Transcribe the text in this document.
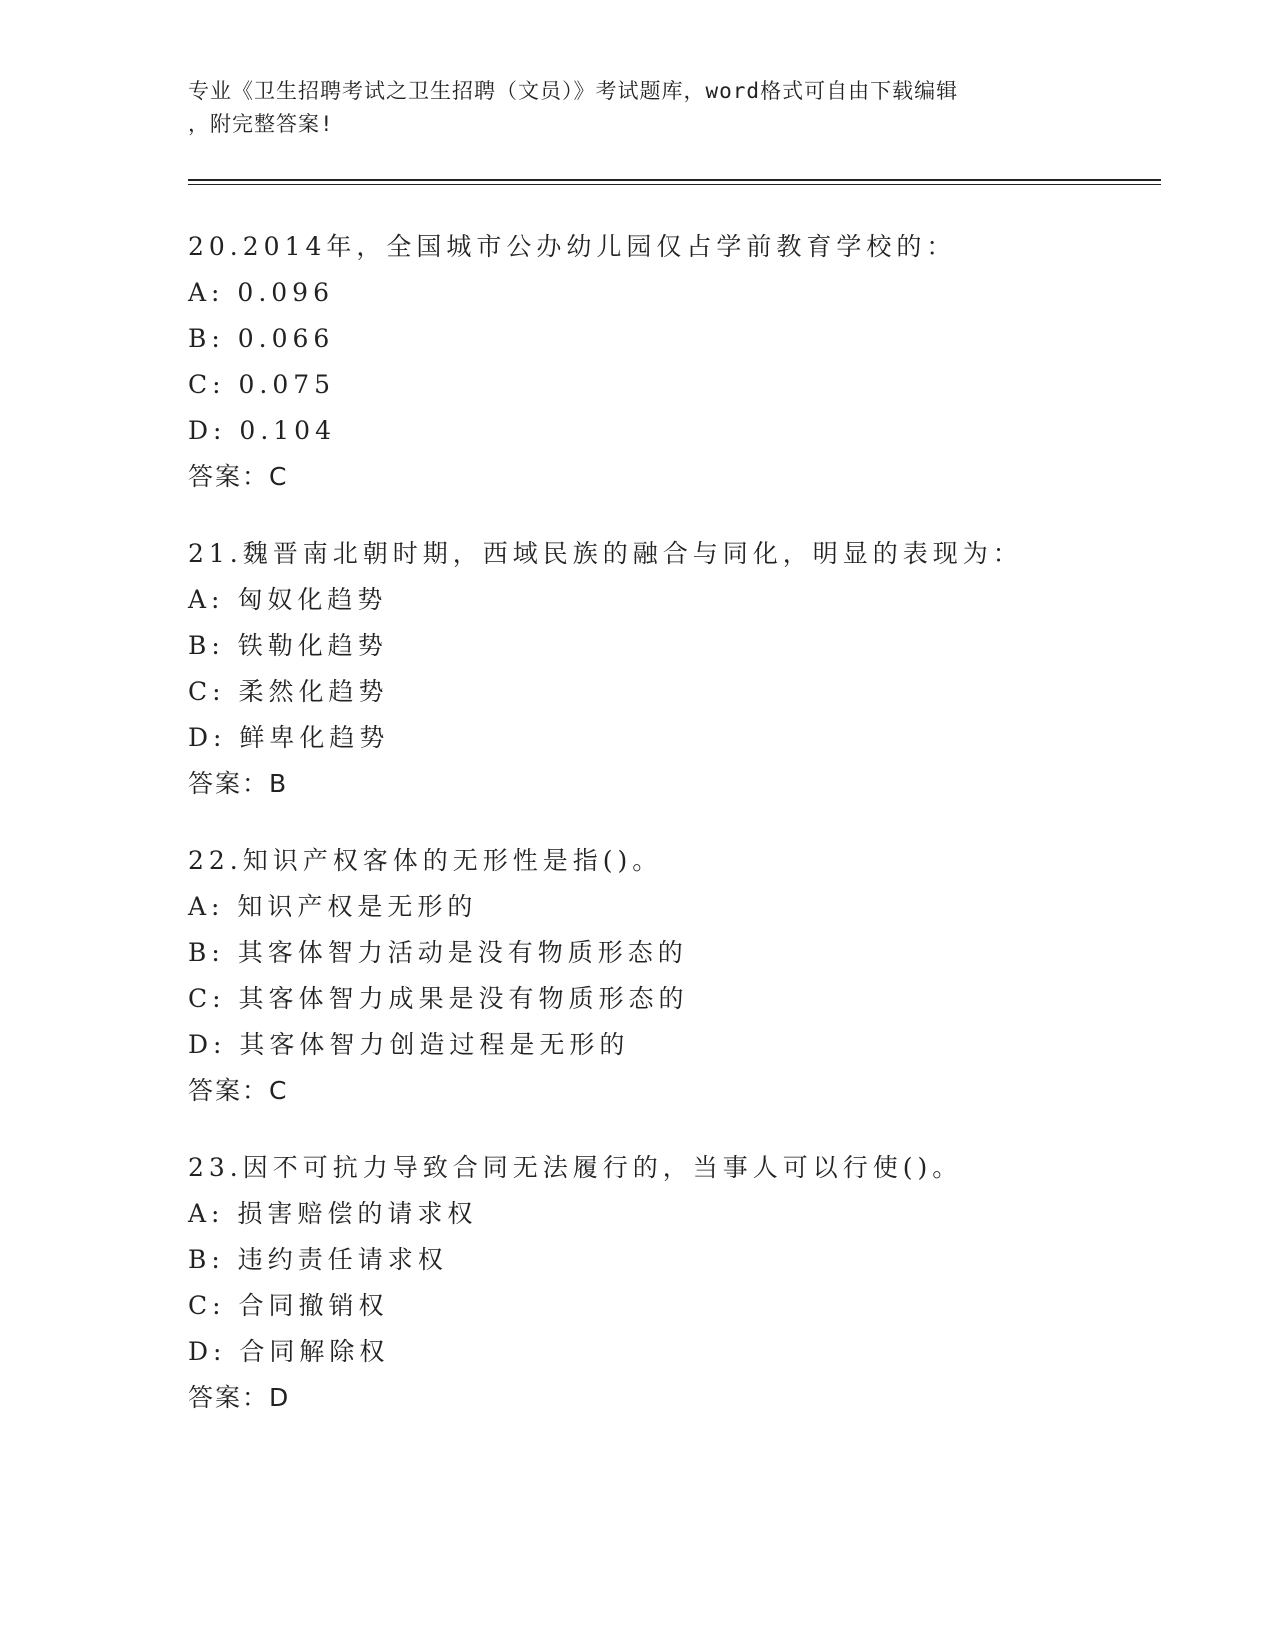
专业《卫生招聘考试之卫生招聘（文员）》考试题库，word格式可自由下载编辑
，附完整答案!
20.2014年，全国城市公办幼儿园仅占学前教育学校的：
A: 0.096
B: 0.066
C: 0.075
D: 0.104
答案：C
21.魏晋南北朝时期，西域民族的融合与同化，明显的表现为：
A: 匈奴化趋势
B: 铁勒化趋势
C: 柔然化趋势
D: 鲜卑化趋势
答案：B
22.知识产权客体的无形性是指()。
A: 知识产权是无形的
B: 其客体智力活动是没有物质形态的
C: 其客体智力成果是没有物质形态的
D: 其客体智力创造过程是无形的
答案：C
23.因不可抗力导致合同无法履行的，当事人可以行使()。
A: 损害赔偿的请求权
B: 违约责任请求权
C: 合同撤销权
D: 合同解除权
答案：D
